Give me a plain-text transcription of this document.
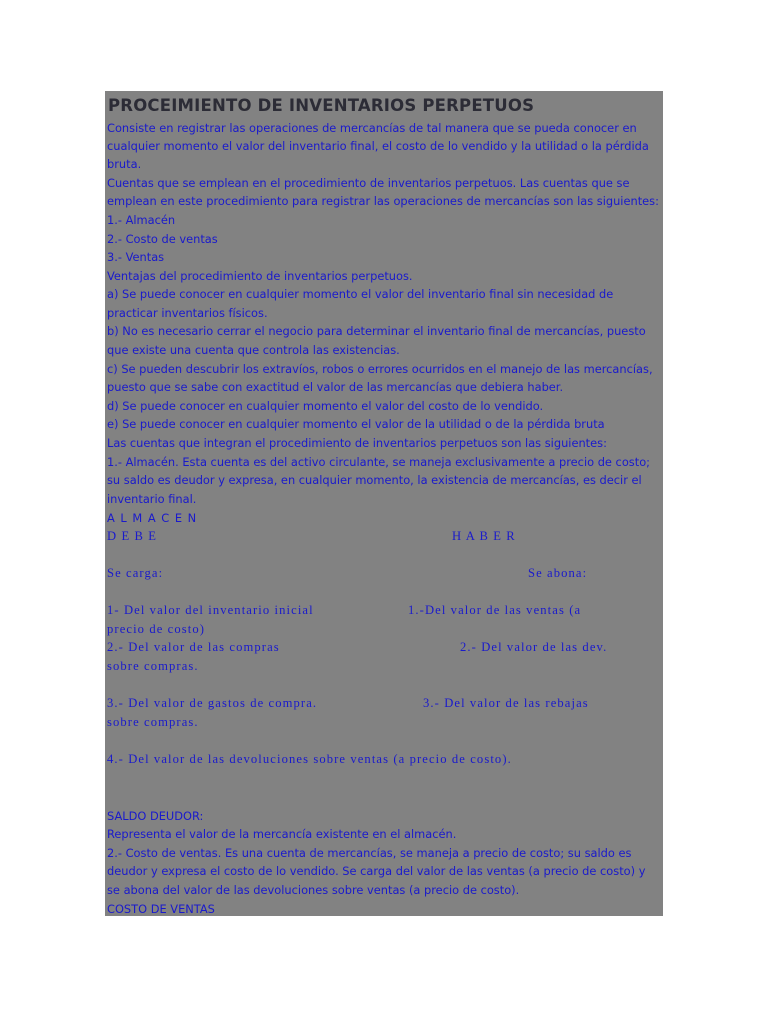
PROCEIMIENTO DE INVENTARIOS PERPETUOS
Consiste en registrar las operaciones de mercancías de tal manera que se pueda conocer en
cualquier momento el valor del inventario final, el costo de lo vendido y la utilidad o la pérdida
bruta.
Cuentas que se emplean en el procedimiento de inventarios perpetuos. Las cuentas que se
emplean en este procedimiento para registrar las operaciones de mercancías son las siguientes:
1.- Almacén
2.- Costo de ventas
3.- Ventas
Ventajas del procedimiento de inventarios perpetuos.
a) Se puede conocer en cualquier momento el valor del inventario final sin necesidad de
practicar inventarios físicos.
b) No es necesario cerrar el negocio para determinar el inventario final de mercancías, puesto
que existe una cuenta que controla las existencias.
c) Se pueden descubrir los extravíos, robos o errores ocurridos en el manejo de las mercancías,
puesto que se sabe con exactitud el valor de las mercancías que debiera haber.
d) Se puede conocer en cualquier momento el valor del costo de lo vendido.
e) Se puede conocer en cualquier momento el valor de la utilidad o de la pérdida bruta
Las cuentas que integran el procedimiento de inventarios perpetuos son las siguientes:
1.- Almacén. Esta cuenta es del activo circulante, se maneja exclusivamente a precio de costo;
su saldo es deudor y expresa, en cualquier momento, la existencia de mercancías, es decir el
inventario final.
A L M A C E N
D E B E	H A B E R
Se carga:	Se abona:
1- Del valor del inventario inicial	1.-Del valor de las ventas (a
precio de costo)
2.- Del valor de las compras	2.- Del valor de las dev.
sobre compras.
3.- Del valor de gastos de compra.	3.- Del valor de las rebajas
sobre compras.
4.- Del valor de las devoluciones sobre ventas (a precio de costo).
SALDO DEUDOR:
Representa el valor de la mercancía existente en el almacén.
2.- Costo de ventas. Es una cuenta de mercancías, se maneja a precio de costo; su saldo es
deudor y expresa el costo de lo vendido. Se carga del valor de las ventas (a precio de costo) y
se abona del valor de las devoluciones sobre ventas (a precio de costo).
COSTO DE VENTAS
